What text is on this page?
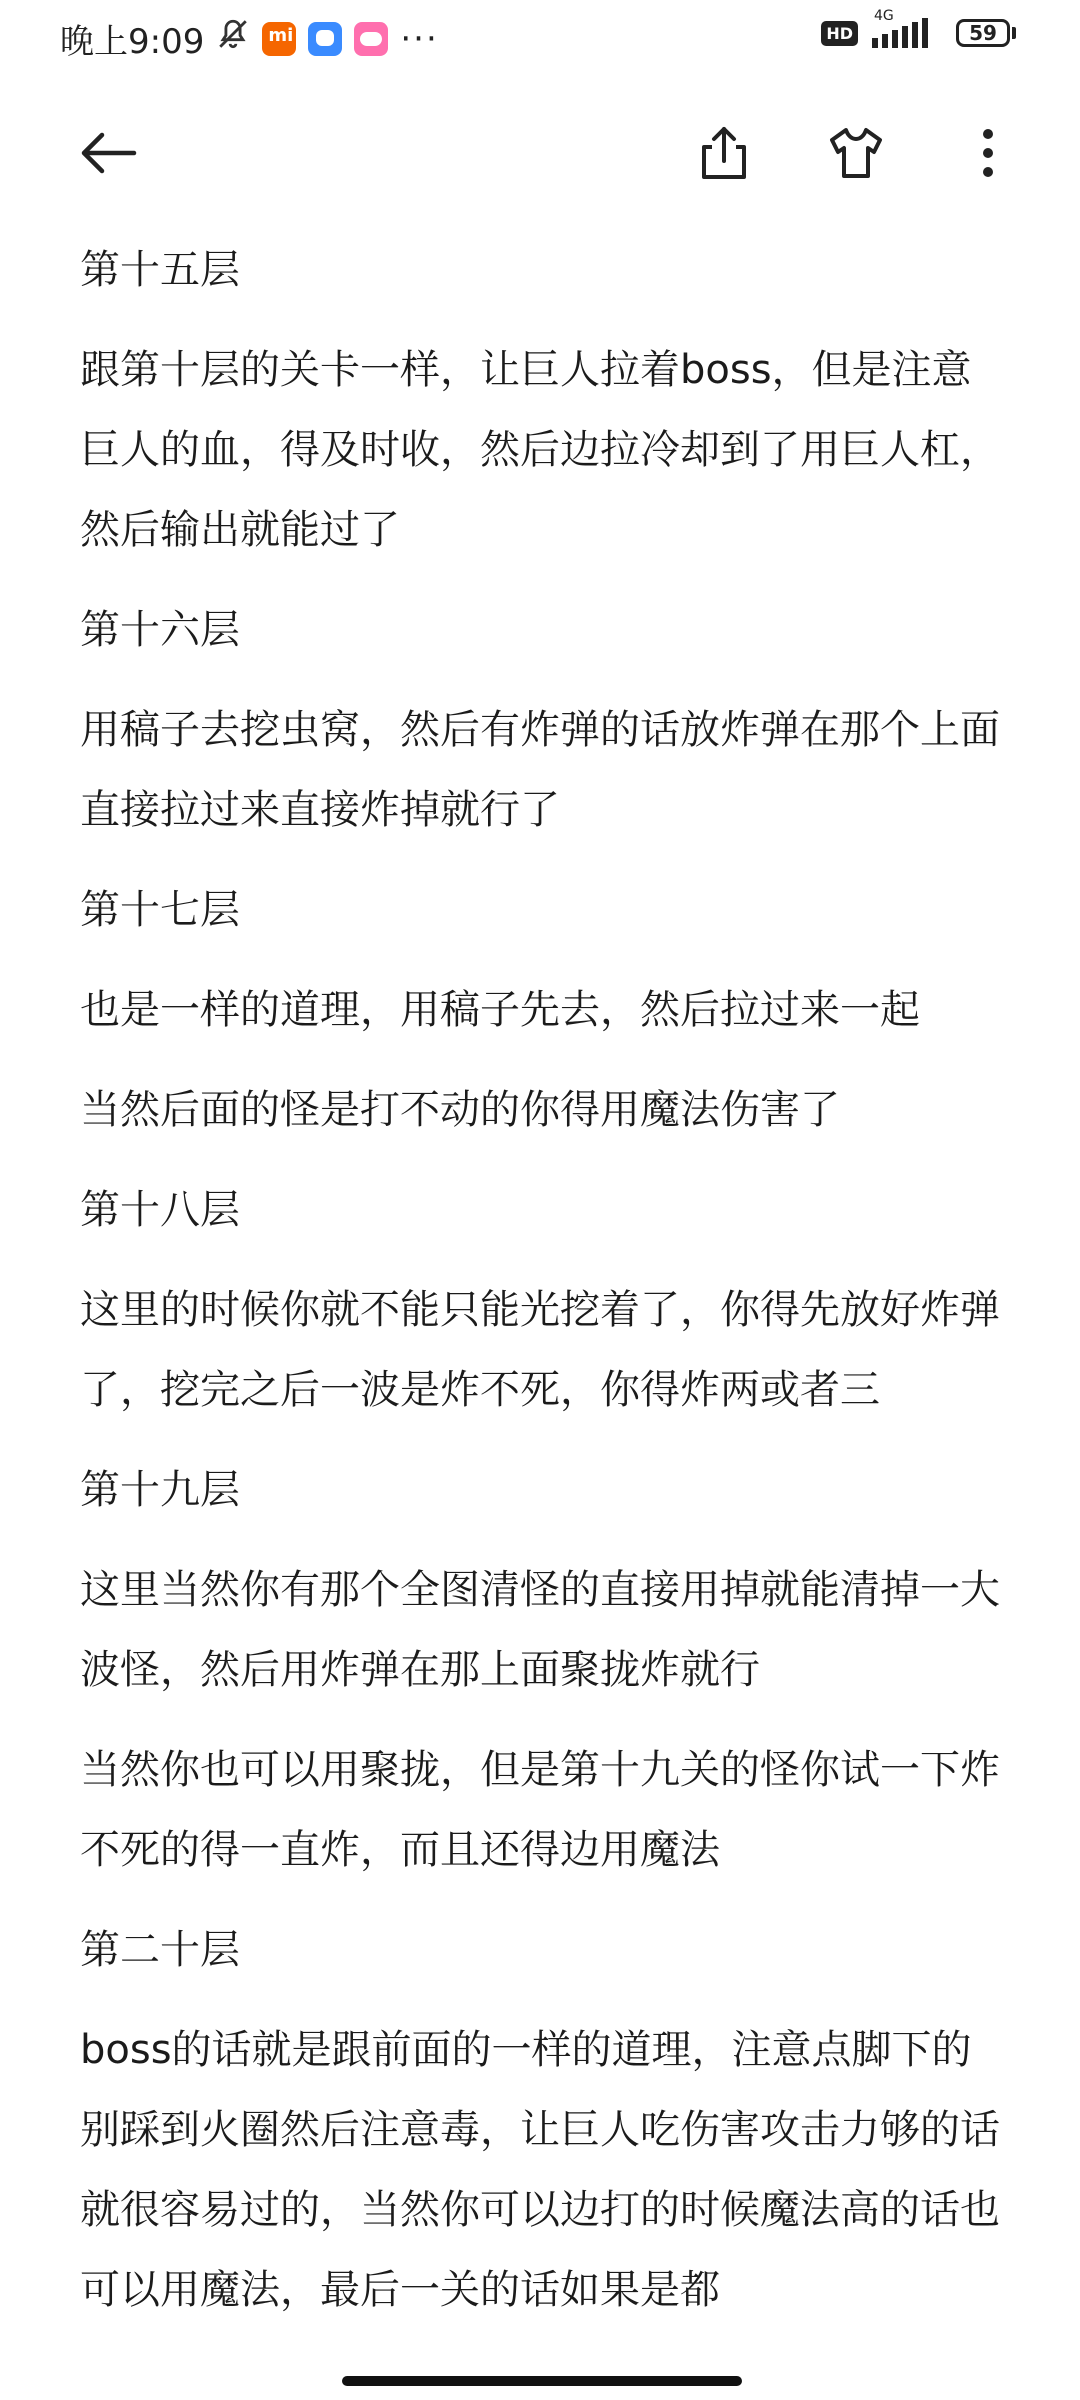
晚上9:09	mi	···	HD
4G
59

第十五层

跟第十层的关卡一样，让巨人拉着boss，但是注意巨人的血，得及时收，然后边拉冷却到了用巨人杠，然后输出就能过了

第十六层

用稿子去挖虫窝，然后有炸弹的话放炸弹在那个上面直接拉过来直接炸掉就行了

第十七层

也是一样的道理，用稿子先去，然后拉过来一起

当然后面的怪是打不动的你得用魔法伤害了

第十八层

这里的时候你就不能只能光挖着了，你得先放好炸弹了，挖完之后一波是炸不死，你得炸两或者三

第十九层

这里当然你有那个全图清怪的直接用掉就能清掉一大波怪，然后用炸弹在那上面聚拢炸就行

当然你也可以用聚拢，但是第十九关的怪你试一下炸不死的得一直炸，而且还得边用魔法

第二十层

boss的话就是跟前面的一样的道理，注意点脚下的别踩到火圈然后注意毒，让巨人吃伤害攻击力够的话就很容易过的，当然你可以边打的时候魔法高的话也可以用魔法，最后一关的话如果是都
